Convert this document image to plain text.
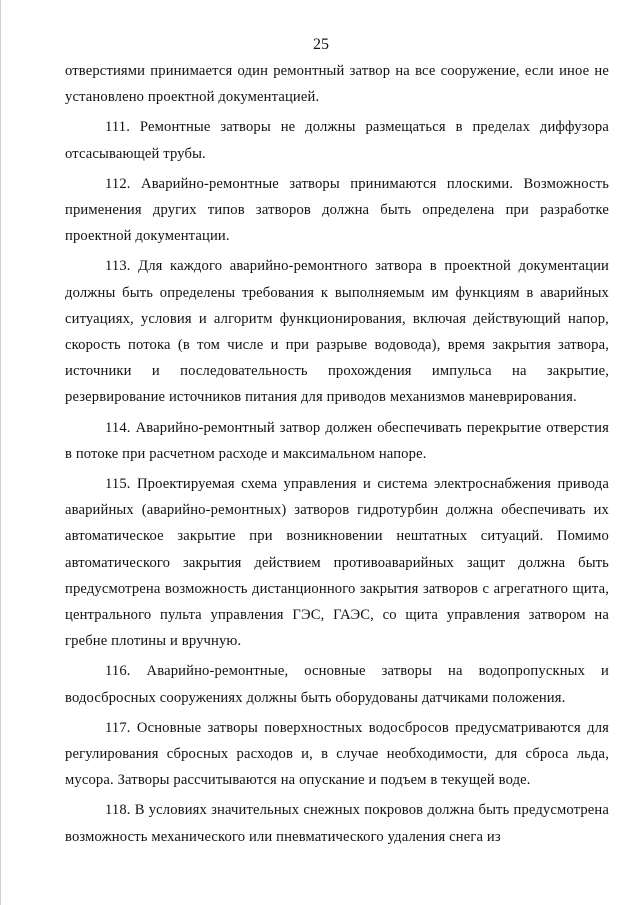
25

отверстиями принимается один ремонтный затвор на все сооружение, если иное не установлено проектной документацией.

111. Ремонтные затворы не должны размещаться в пределах диффузора отсасывающей трубы.

112. Аварийно-ремонтные затворы принимаются плоскими. Возможность применения других типов затворов должна быть определена при разработке проектной документации.

113. Для каждого аварийно-ремонтного затвора в проектной документации должны быть определены требования к выполняемым им функциям в аварийных ситуациях, условия и алгоритм функционирования, включая действующий напор, скорость потока (в том числе и при разрыве водовода), время закрытия затвора, источники и последовательность прохождения импульса на закрытие, резервирование источников питания для приводов механизмов маневрирования.

114. Аварийно-ремонтный затвор должен обеспечивать перекрытие отверстия в потоке при расчетном расходе и максимальном напоре.

115. Проектируемая схема управления и система электроснабжения привода аварийных (аварийно-ремонтных) затворов гидротурбин должна обеспечивать их автоматическое закрытие при возникновении нештатных ситуаций. Помимо автоматического закрытия действием противоаварийных защит должна быть предусмотрена возможность дистанционного закрытия затворов с агрегатного щита, центрального пульта управления ГЭС, ГАЭС, со щита управления затвором на гребне плотины и вручную.

116. Аварийно-ремонтные, основные затворы на водопропускных и водосбросных сооружениях должны быть оборудованы датчиками положения.

117. Основные затворы поверхностных водосбросов предусматриваются для регулирования сбросных расходов и, в случае необходимости, для сброса льда, мусора. Затворы рассчитываются на опускание и подъем в текущей воде.

118. В условиях значительных снежных покровов должна быть предусмотрена возможность механического или пневматического удаления снега из
